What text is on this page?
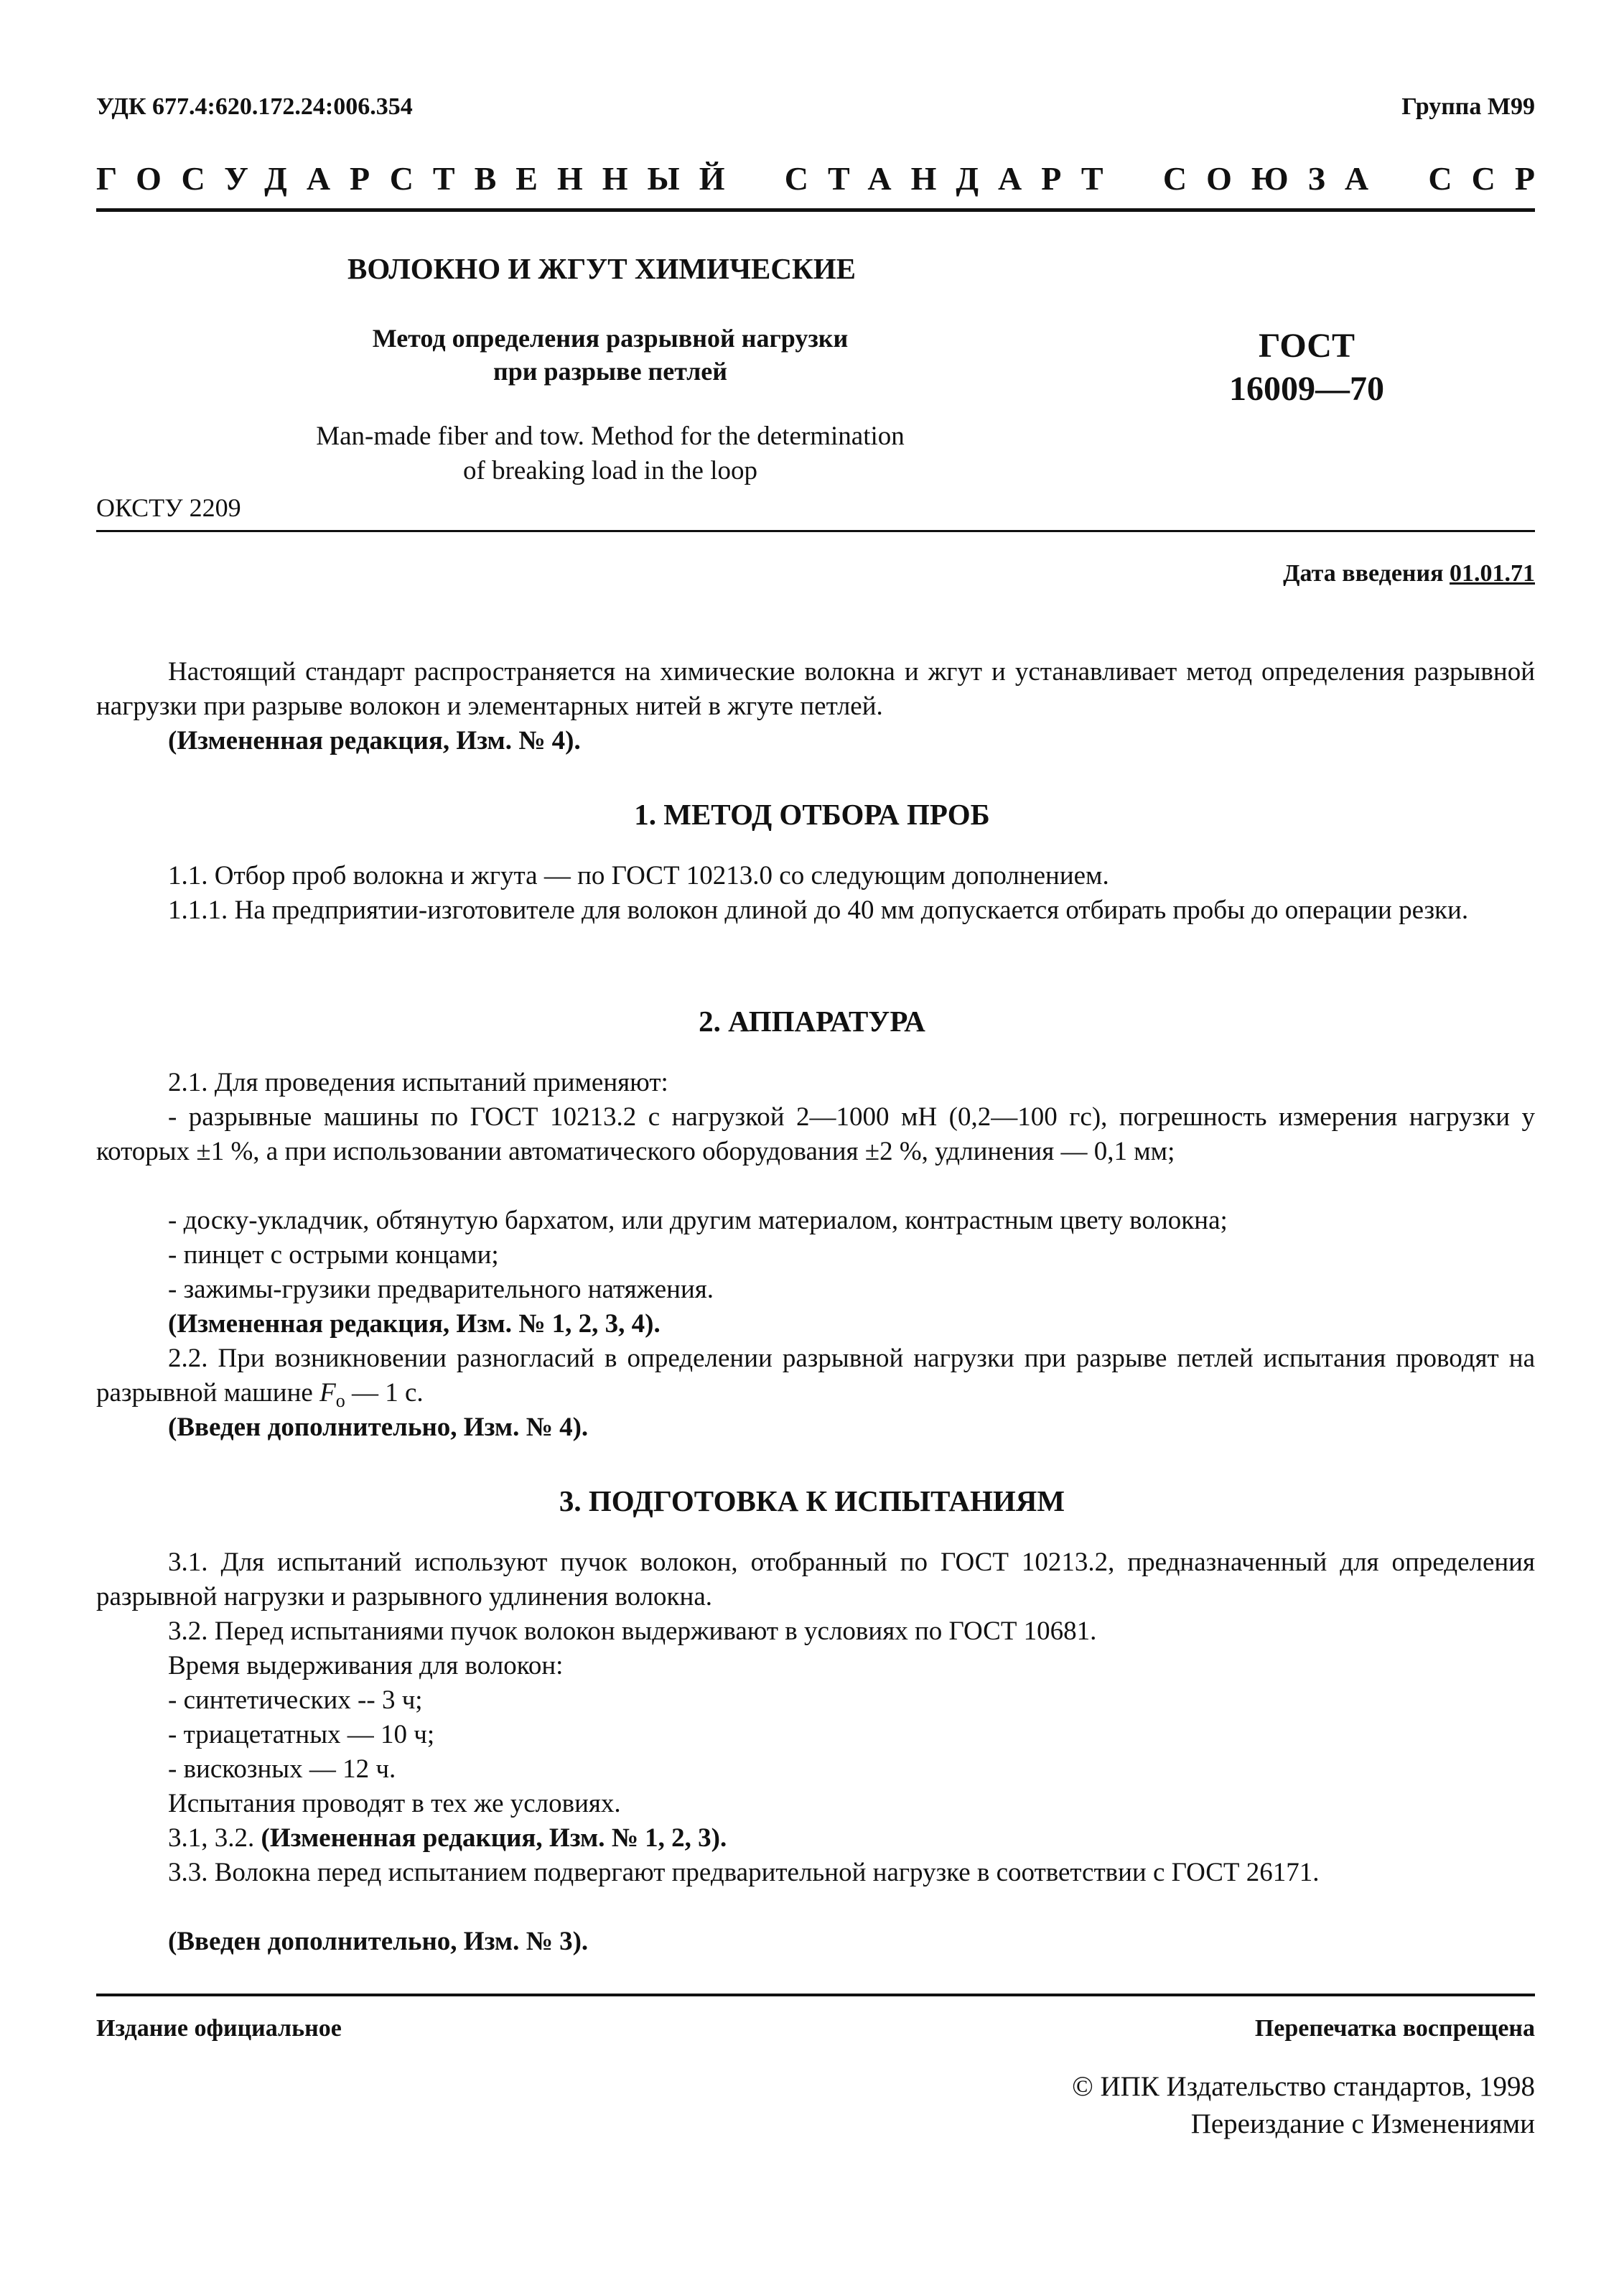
УДК 677.4:620.172.24:006.354	Группа М99
ГОСУДАРСТВЕННЫЙ СТАНДАРТ СОЮЗА ССР
ВОЛОКНО И ЖГУТ ХИМИЧЕСКИЕ
Метод определения разрывной нагрузки
при разрыве петлей
ГОСТ
16009—70
Man-made fiber and tow. Method for the determination
of breaking load in the loop
ОКСТУ 2209
Дата введения 01.01.71
Настоящий стандарт распространяется на химические волокна и жгут и устанавливает метод определения разрывной нагрузки при разрыве волокон и элементарных нитей в жгуте петлей.
(Измененная редакция, Изм. № 4).
1. МЕТОД ОТБОРА ПРОБ
1.1. Отбор проб волокна и жгута — по ГОСТ 10213.0 со следующим дополнением.
1.1.1. На предприятии-изготовителе для волокон длиной до 40 мм допускается отбирать пробы до операции резки.
2. АППАРАТУРА
2.1. Для проведения испытаний применяют:
- разрывные машины по ГОСТ 10213.2 с нагрузкой 2—1000 мН (0,2—100 гс), погрешность измерения нагрузки у которых ±1 %, а при использовании автоматического оборудования ±2 %, удлинения — 0,1 мм;
- доску-укладчик, обтянутую бархатом, или другим материалом, контрастным цвету волокна;
- пинцет с острыми концами;
- зажимы-грузики предварительного натяжения.
(Измененная редакция, Изм. № 1, 2, 3, 4).
2.2. При возникновении разногласий в определении разрывной нагрузки при разрыве петлей испытания проводят на разрывной машине $F_o$ — 1 с.
(Введен дополнительно, Изм. № 4).
3. ПОДГОТОВКА К ИСПЫТАНИЯМ
3.1. Для испытаний используют пучок волокон, отобранный по ГОСТ 10213.2, предназначенный для определения разрывной нагрузки и разрывного удлинения волокна.
3.2. Перед испытаниями пучок волокон выдерживают в условиях по ГОСТ 10681.
Время выдерживания для волокон:
- синтетических -- 3 ч;
- триацетатных — 10 ч;
- вискозных — 12 ч.
Испытания проводят в тех же условиях.
3.1, 3.2. (Измененная редакция, Изм. № 1, 2, 3).
3.3. Волокна перед испытанием подвергают предварительной нагрузке в соответствии с ГОСТ 26171.
(Введен дополнительно, Изм. № 3).
Издание официальное	Перепечатка воспрещена
© ИПК Издательство стандартов, 1998
Переиздание с Изменениями
